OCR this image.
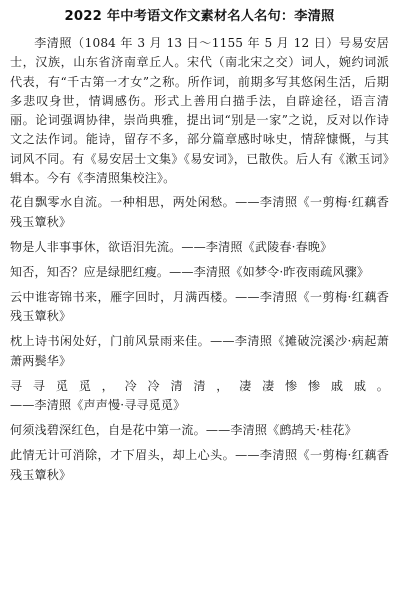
2022 年中考语文作文素材名人名句：李清照

李清照（1084 年 3 月 13 日～1155 年 5 月 12 日）号易安居士，汉族，山东省济南章丘人。宋代（南北宋之交）词人，婉约词派代表，有“千古第一才女”之称。所作词，前期多写其悠闲生活，后期多悲叹身世，情调感伤。形式上善用白描手法，自辟途径，语言清丽。论词强调协律，崇尚典雅，提出词“别是一家”之说，反对以作诗文之法作词。能诗，留存不多，部分篇章感时咏史，情辞慷慨，与其词风不同。有《易安居士文集》《易安词》，已散佚。后人有《漱玉词》辑本。今有《李清照集校注》。

花自飘零水自流。一种相思，两处闲愁。——李清照《一剪梅·红藕香残玉簟秋》

物是人非事事休，欲语泪先流。——李清照《武陵春·春晚》

知否，知否？应是绿肥红瘦。——李清照《如梦令·昨夜雨疏风骤》

云中谁寄锦书来，雁字回时，月满西楼。——李清照《一剪梅·红藕香残玉簟秋》

枕上诗书闲处好，门前风景雨来佳。——李清照《摊破浣溪沙·病起萧萧两鬓华》

寻寻觅觅，冷冷清清，凄凄惨惨戚戚。——李清照《声声慢·寻寻觅觅》

何须浅碧深红色，自是花中第一流。——李清照《鹧鸪天·桂花》

此情无计可消除，才下眉头，却上心头。——李清照《一剪梅·红藕香残玉簟秋》
